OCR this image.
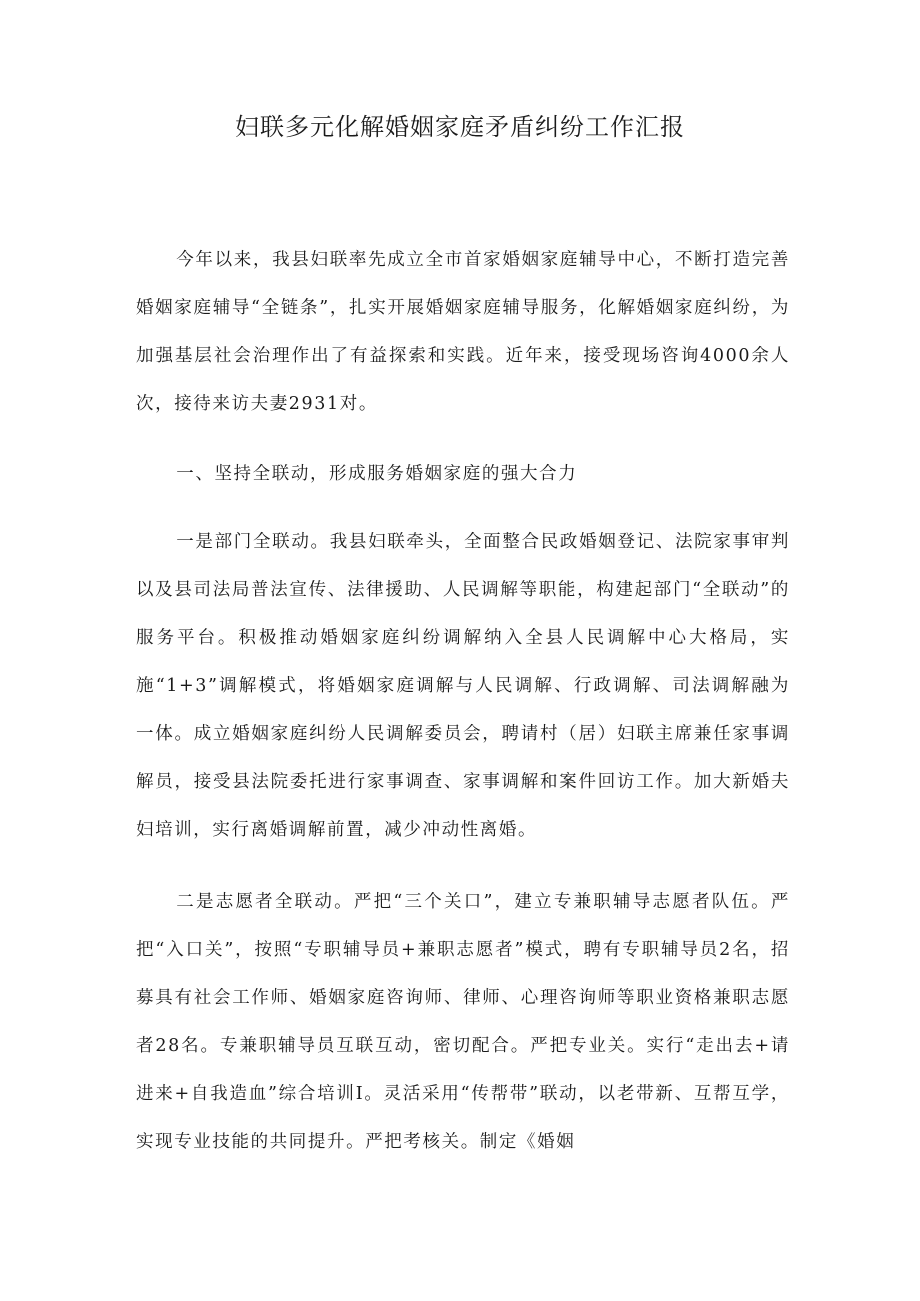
妇联多元化解婚姻家庭矛盾纠纷工作汇报

今年以来，我县妇联率先成立全市首家婚姻家庭辅导中心，不断打造完善婚姻家庭辅导“全链条”，扎实开展婚姻家庭辅导服务，化解婚姻家庭纠纷，为加强基层社会治理作出了有益探索和实践。近年来，接受现场咨询4000余人次，接待来访夫妻2931对。

一、坚持全联动，形成服务婚姻家庭的强大合力

一是部门全联动。我县妇联牵头，全面整合民政婚姻登记、法院家事审判以及县司法局普法宣传、法律援助、人民调解等职能，构建起部门“全联动”的服务平台。积极推动婚姻家庭纠纷调解纳入全县人民调解中心大格局，实施“1+3”调解模式，将婚姻家庭调解与人民调解、行政调解、司法调解融为一体。成立婚姻家庭纠纷人民调解委员会，聘请村（居）妇联主席兼任家事调解员，接受县法院委托进行家事调查、家事调解和案件回访工作。加大新婚夫妇培训，实行离婚调解前置，减少冲动性离婚。

二是志愿者全联动。严把“三个关口”，建立专兼职辅导志愿者队伍。严把“入口关”，按照“专职辅导员+兼职志愿者”模式，聘有专职辅导员2名，招募具有社会工作师、婚姻家庭咨询师、律师、心理咨询师等职业资格兼职志愿者28名。专兼职辅导员互联互动，密切配合。严把专业关。实行“走出去+请进来+自我造血”综合培训Ⅰ。灵活采用“传帮带”联动，以老带新、互帮互学，实现专业技能的共同提升。严把考核关。制定《婚姻
